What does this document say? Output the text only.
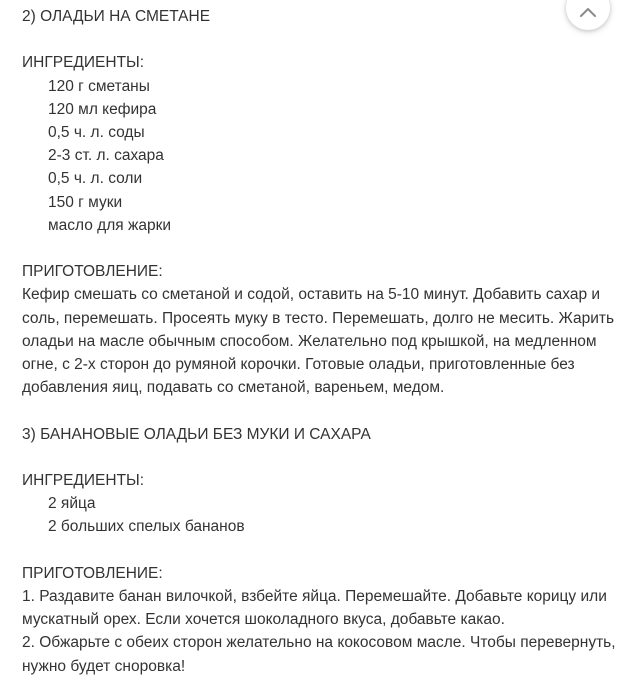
2) ОЛАДЬИ НА СМЕТАНЕ

ИНГРЕДИЕНТЫ:

120 г сметаны

120 мл кефира

0,5 ч. л. соды

2-3 ст. л. сахара

0,5 ч. л. соли

150 г муки

масло для жарки

ПРИГОТОВЛЕНИЕ:

Кефир смешать со сметаной и содой, оставить на 5-10 минут. Добавить сахар и
соль, перемешать. Просеять муку в тесто. Перемешать, долго не месить. Жарить
оладьи на масле обычным способом. Желательно под крышкой, на медленном
огне, с 2-х сторон до румяной корочки. Готовые оладьи, приготовленные без
добавления яиц, подавать со сметаной, вареньем, медом.

3) БАНАНОВЫЕ ОЛАДЬИ БЕЗ МУКИ И САХАРА

ИНГРЕДИЕНТЫ:

2 яйца

2 больших спелых бананов

ПРИГОТОВЛЕНИЕ:

1. Раздавите банан вилочкой, взбейте яйца. Перемешайте. Добавьте корицу или
мускатный орех. Если хочется шоколадного вкуса, добавьте какао.
2. Обжарьте с обеих сторон желательно на кокосовом масле. Чтобы перевернуть,
нужно будет сноровка!
